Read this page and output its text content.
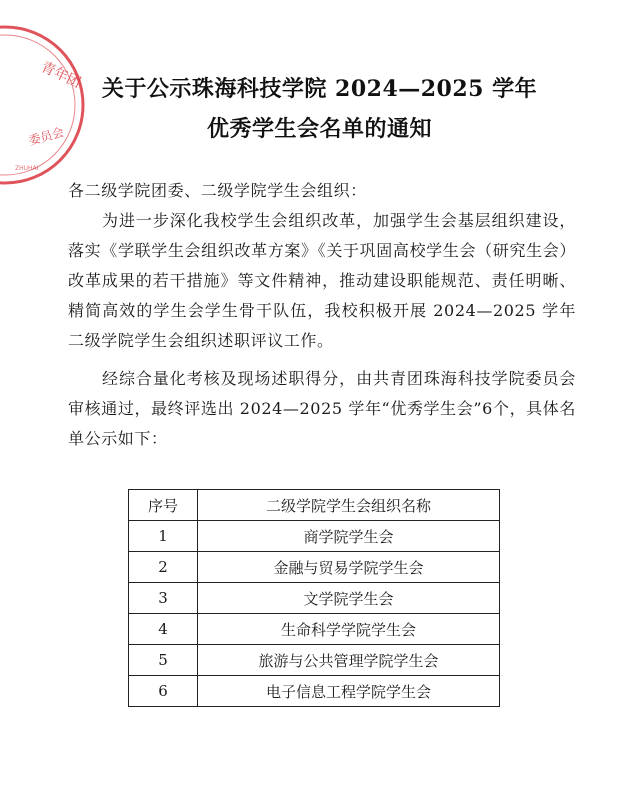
青年团
委员会
ZHUHAI
关于公示珠海科技学院 2024—2025 学年
优秀学生会名单的通知
各二级学院团委、二级学院学生会组织：
为进一步深化我校学生会组织改革，加强学生会基层组织建设，落实《学联学生会组织改革方案》《关于巩固高校学生会（研究生会）改革成果的若干措施》等文件精神，推动建设职能规范、责任明晰、精简高效的学生会学生骨干队伍，我校积极开展 2024—2025 学年二级学院学生会组织述职评议工作。
经综合量化考核及现场述职得分，由共青团珠海科技学院委员会审核通过，最终评选出 2024—2025 学年“优秀学生会”6个，具体名单公示如下：
序号	二级学院学生会组织名称
1	商学院学生会
2	金融与贸易学院学生会
3	文学院学生会
4	生命科学学院学生会
5	旅游与公共管理学院学生会
6	电子信息工程学院学生会
